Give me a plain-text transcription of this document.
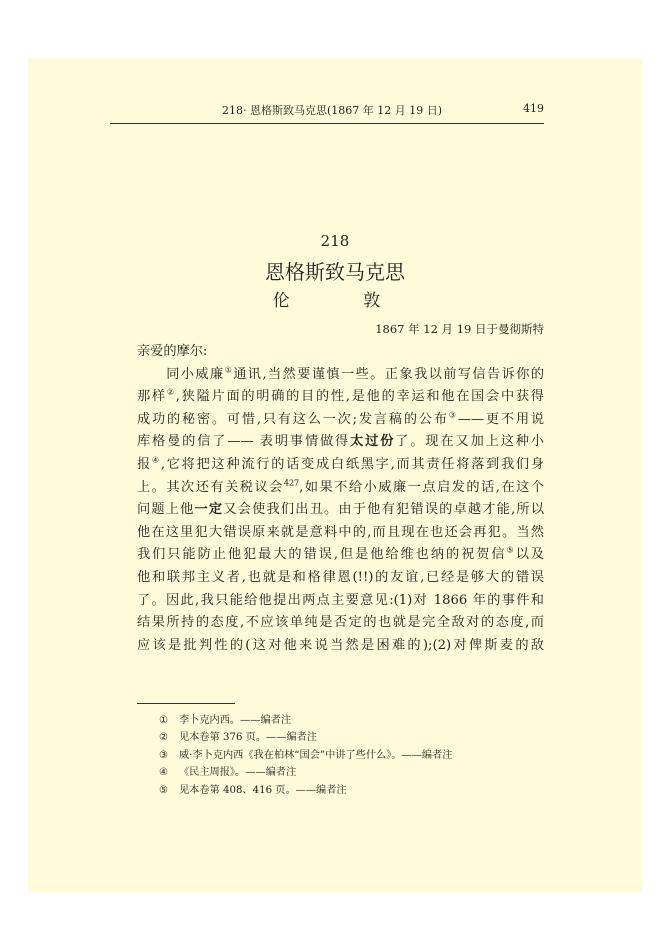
218· 恩格斯致马克思(1867 年 12 月 19 日)	419
218
恩格斯致马克思
伦 敦
1867 年 12 月 19 日于曼彻斯特
亲爱的摩尔:
　　同小威廉①通讯,当然要谨慎一些。正象我以前写信告诉你的
那样②,狭隘片面的明确的目的性,是他的幸运和他在国会中获得
成功的秘密。可惜,只有这么一次;发言稿的公布③——更不用说
库格曼的信了—— 表明事情做得太过份了。现在又加上这种小
报④,它将把这种流行的话变成白纸黑字,而其责任将落到我们身
上。其次还有关税议会$^{427}$,如果不给小威廉一点启发的话,在这个
问题上他一定又会使我们出丑。由于他有犯错误的卓越才能,所以
他在这里犯大错误原来就是意料中的,而且现在也还会再犯。当然
我们只能防止他犯最大的错误,但是他给维也纳的祝贺信⑤以及
他和联邦主义者,也就是和格律恩(!!)的友谊,已经是够大的错误
了。因此,我只能给他提出两点主要意见:(1)对 1866 年的事件和
结果所持的态度,不应该单纯是否定的也就是完全敌对的态度,而
应该是批判性的(这对他来说当然是困难的);(2)对俾斯麦的敌
① 李卜克内西。——编者注
② 见本卷第 376 页。——编者注
③ 威·李卜克内西《我在柏林“国会”中讲了些什么》。——编者注
④ 《民主周报》。——编者注
⑤ 见本卷第 408、416 页。——编者注
